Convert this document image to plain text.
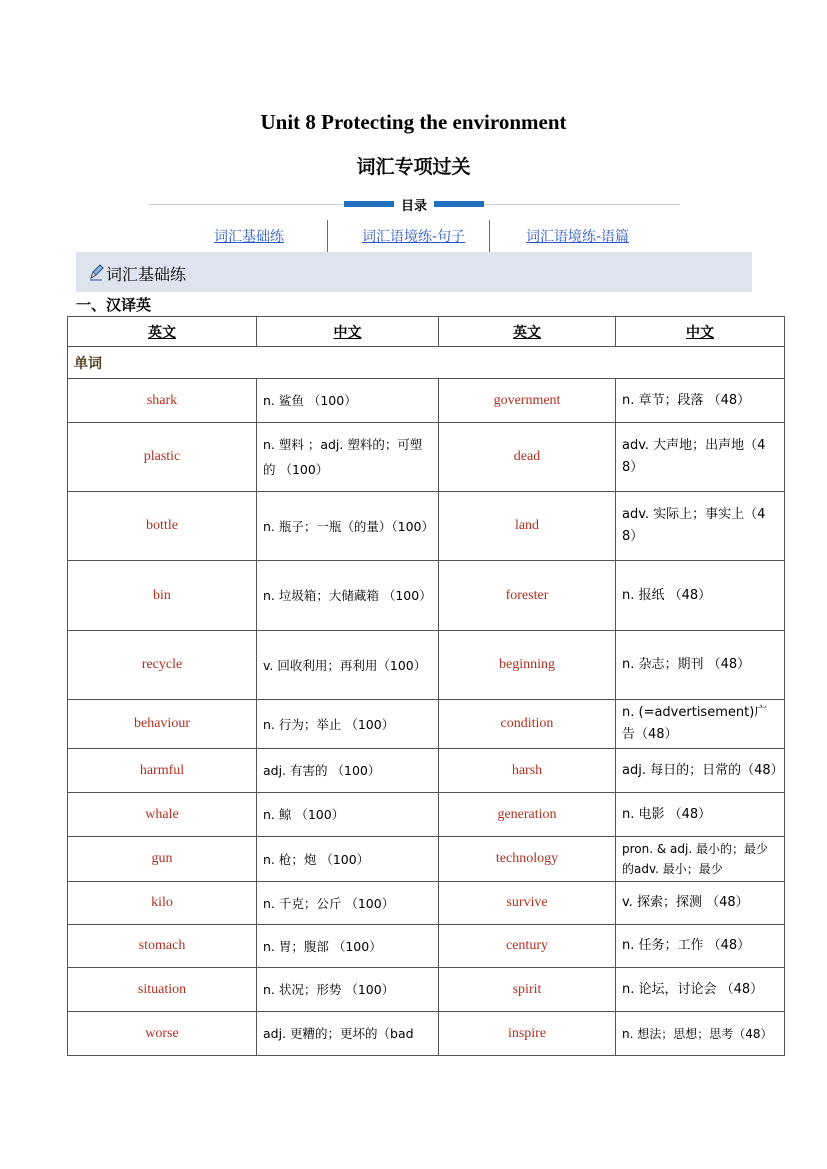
Unit 8 Protecting the environment
词汇专项过关
目录
词汇基础练	词汇语境练-句子	词汇语境练-语篇
词汇基础练
一、汉译英
英文	中文	英文	中文
单词			
shark	n. 鲨鱼 （100）	government	n. 章节；段落 （48）
plastic	n. 塑料 ；adj. 塑料的；可塑的 （100）	dead	adv. 大声地；出声地（48）
bottle	n. 瓶子；一瓶（的量）（100）	land	adv. 实际上；事实上（48）
bin	n. 垃圾箱；大储藏箱 （100）	forester	n. 报纸 （48）
recycle	v. 回收利用；再利用（100）	beginning	n. 杂志；期刊 （48）
behaviour	n. 行为；举止 （100）	condition	n. (=advertisement)广告（48）
harmful	adj. 有害的 （100）	harsh	adj. 每日的；日常的（48）
whale	n. 鲸 （100）	generation	n. 电影 （48）
gun	n. 枪；炮 （100）	technology	pron. & adj. 最小的；最少的adv. 最小；最少
kilo	n. 千克；公斤 （100）	survive	v. 探索；探测 （48）
stomach	n. 胃；腹部 （100）	century	n. 任务；工作 （48）
situation	n. 状况；形势 （100）	spirit	n. 论坛，讨论会 （48）
worse	adj. 更糟的；更坏的（bad	inspire	n. 想法；思想；思考（48）
